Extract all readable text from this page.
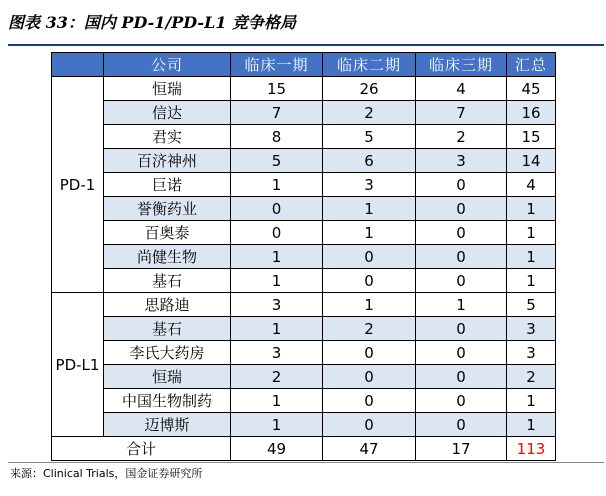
图表 33：国内 PD-1/PD-L1 竞争格局
	公司	临床一期	临床二期	临床三期	汇总
PD-1	恒瑞	15	26	4	45
	信达	7	2	7	16
	君实	8	5	2	15
	百济神州	5	6	3	14
	巨诺	1	3	0	4
	誉衡药业	0	1	0	1
	百奥泰	0	1	0	1
	尚健生物	1	0	0	1
	基石	1	0	0	1
PD-L1	思路迪	3	1	1	5
	基石	1	2	0	3
	李氏大药房	3	0	0	3
	恒瑞	2	0	0	2
	中国生物制药	1	0	0	1
	迈博斯	1	0	0	1
合计		49	47	17	113
来源：Clinical Trials，国金证券研究所
